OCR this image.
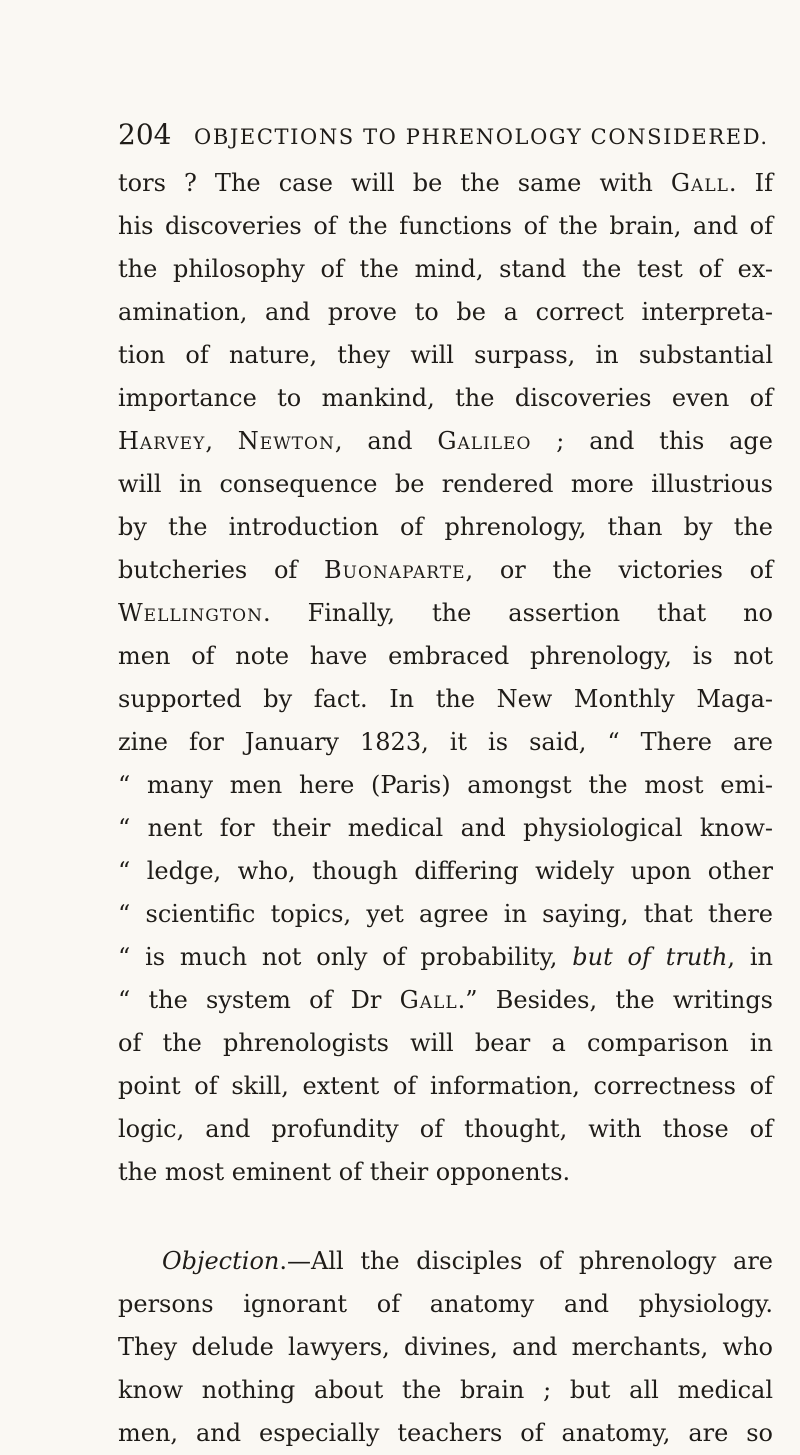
204 OBJECTIONS TO PHRENOLOGY CONSIDERED.
tors ? The case will be the same with Gall. If
his discoveries of the functions of the brain, and of
the philosophy of the mind, stand the test of ex-
amination, and prove to be a correct interpreta-
tion of nature, they will surpass, in substantial
importance to mankind, the discoveries even of
Harvey, Newton, and Galileo ; and this age
will in consequence be rendered more illustrious
by the introduction of phrenology, than by the
butcheries of Buonaparte, or the victories of
Wellington. Finally, the assertion that no
men of note have embraced phrenology, is not
supported by fact. In the New Monthly Maga-
zine for January 1823, it is said, “ There are
“ many men here (Paris) amongst the most emi-
“ nent for their medical and physiological know-
“ ledge, who, though differing widely upon other
“ scientific topics, yet agree in saying, that there
“ is much not only of probability, but of truth, in
“ the system of Dr Gall.” Besides, the writings
of the phrenologists will bear a comparison in
point of skill, extent of information, correctness of
logic, and profundity of thought, with those of
the most eminent of their opponents.
Objection.—All the disciples of phrenology are
persons ignorant of anatomy and physiology.
They delude lawyers, divines, and merchants, who
know nothing about the brain ; but all medical
men, and especially teachers of anatomy, are so
